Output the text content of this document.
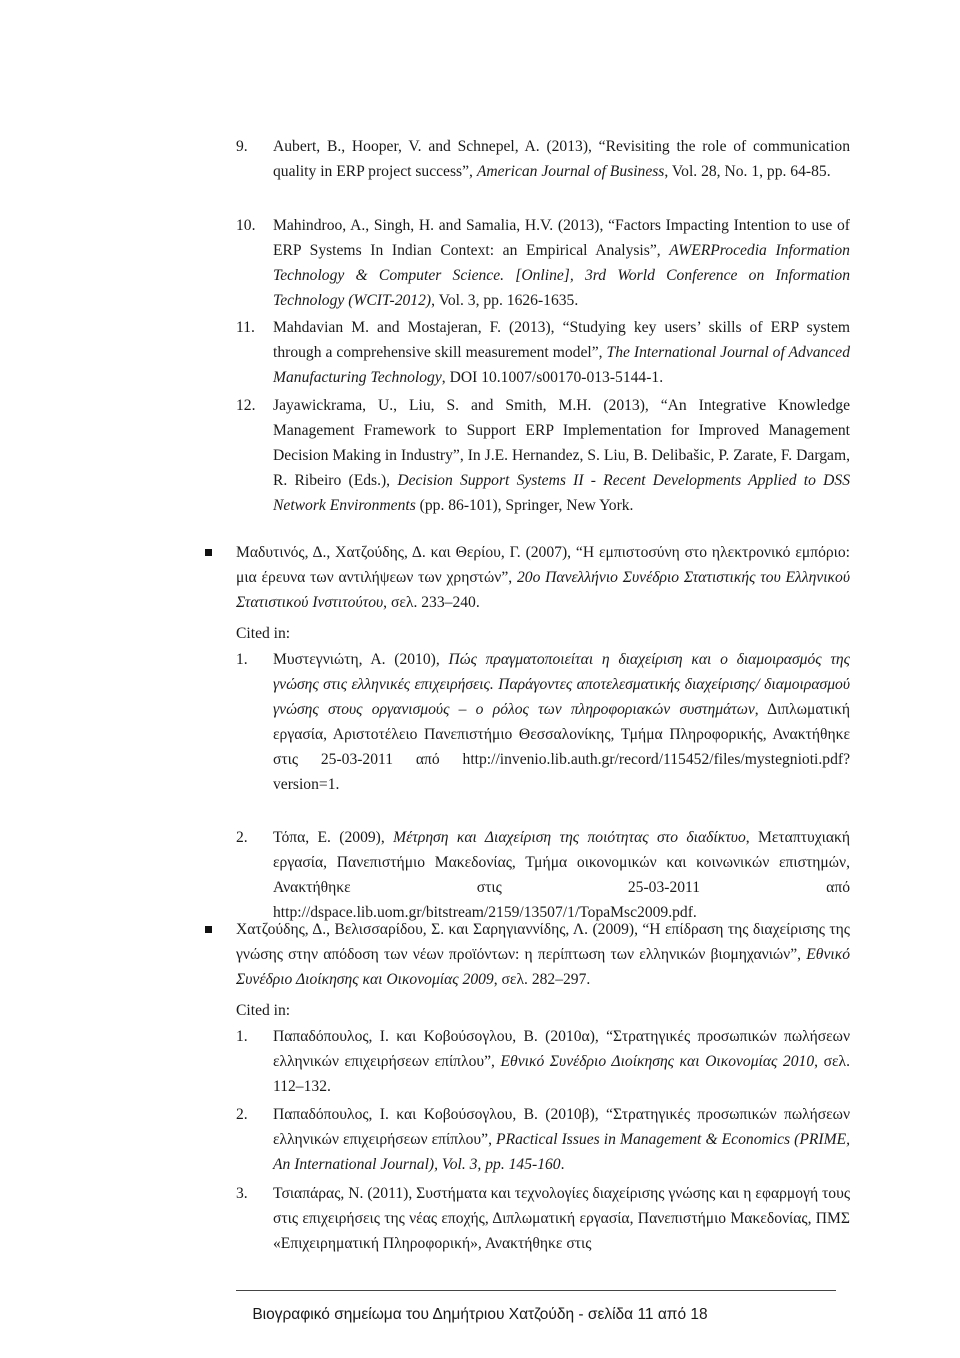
9. Aubert, B., Hooper, V. and Schnepel, A. (2013), “Revisiting the role of communication quality in ERP project success”, American Journal of Business, Vol. 28, No. 1, pp. 64-85.
10. Mahindroo, A., Singh, H. and Samalia, H.V. (2013), “Factors Impacting Intention to use of ERP Systems In Indian Context: an Empirical Analysis”, AWERProcedia Information Technology & Computer Science. [Online], 3rd World Conference on Information Technology (WCIT-2012), Vol. 3, pp. 1626-1635.
11. Mahdavian M. and Mostajeran, F. (2013), “Studying key users’ skills of ERP system through a comprehensive skill measurement model”, The International Journal of Advanced Manufacturing Technology, DOI 10.1007/s00170-013-5144-1.
12. Jayawickrama, U., Liu, S. and Smith, M.H. (2013), “An Integrative Knowledge Management Framework to Support ERP Implementation for Improved Management Decision Making in Industry”, In J.E. Hernandez, S. Liu, B. Delibašic, P. Zarate, F. Dargam, R. Ribeiro (Eds.), Decision Support Systems II - Recent Developments Applied to DSS Network Environments (pp. 86-101), Springer, New York.
Μαδυτινός, Δ., Χατζούδης, Δ. και Θερίου, Γ. (2007), “Η εμπιστοσύνη στο ηλεκτρονικό εμπόριο: μια έρευνα των αντιλήψεων των χρηστών”, 20ο Πανελλήνιο Συνέδριο Στατιστικής του Ελληνικού Στατιστικού Ινστιτούτου, σελ. 233–240.
Cited in:
1. Μυστεγνιώτη, Α. (2010), Πώς πραγματοποιείται η διαχείριση και ο διαμοιρασμός της γνώσης στις ελληνικές επιχειρήσεις. Παράγοντες αποτελεσματικής διαχείρισης/ διαμοιρασμού γνώσης στους οργανισμούς – ο ρόλος των πληροφοριακών συστημάτων, Διπλωματική εργασία, Αριστοτέλειο Πανεπιστήμιο Θεσσαλονίκης, Τμήμα Πληροφορικής, Ανακτήθηκε στις 25-03-2011 από http://invenio.lib.auth.gr/record/115452/files/mystegnioti.pdf?version=1.
2. Τόπα, Ε. (2009), Μέτρηση και Διαχείριση της ποιότητας στο διαδίκτυο, Μεταπτυχιακή εργασία, Πανεπιστήμιο Μακεδονίας, Τμήμα οικονομικών και κοινωνικών επιστημών, Ανακτήθηκε στις 25-03-2011 από http://dspace.lib.uom.gr/bitstream/2159/13507/1/TopaMsc2009.pdf.
Χατζούδης, Δ., Βελισσαρίδου, Σ. και Σαρηγιαννίδης, Λ. (2009), “Η επίδραση της διαχείρισης της γνώσης στην απόδοση των νέων προϊόντων: η περίπτωση των ελληνικών βιομηχανιών”, Εθνικό Συνέδριο Διοίκησης και Οικονομίας 2009, σελ. 282–297.
Cited in:
1. Παπαδόπουλος, Ι. και Κοβούσογλου, Β. (2010α), “Στρατηγικές προσωπικών πωλήσεων ελληνικών επιχειρήσεων επίπλου”, Εθνικό Συνέδριο Διοίκησης και Οικονομίας 2010, σελ. 112–132.
2. Παπαδόπουλος, Ι. και Κοβούσογλου, Β. (2010β), “Στρατηγικές προσωπικών πωλήσεων ελληνικών επιχειρήσεων επίπλου”, PRactical Issues in Management & Economics (PRIME, An International Journal), Vol. 3, pp. 145-160.
3. Τσιαπάρας, Ν. (2011), Συστήματα και τεχνολογίες διαχείρισης γνώσης και η εφαρμογή τους στις επιχειρήσεις της νέας εποχής, Διπλωματική εργασία, Πανεπιστήμιο Μακεδονίας, ΠΜΣ «Επιχειρηματική Πληροφορική», Ανακτήθηκε στις
Βιογραφικό σημείωμα του Δημήτριου Χατζούδη - σελίδα 11 από 18
